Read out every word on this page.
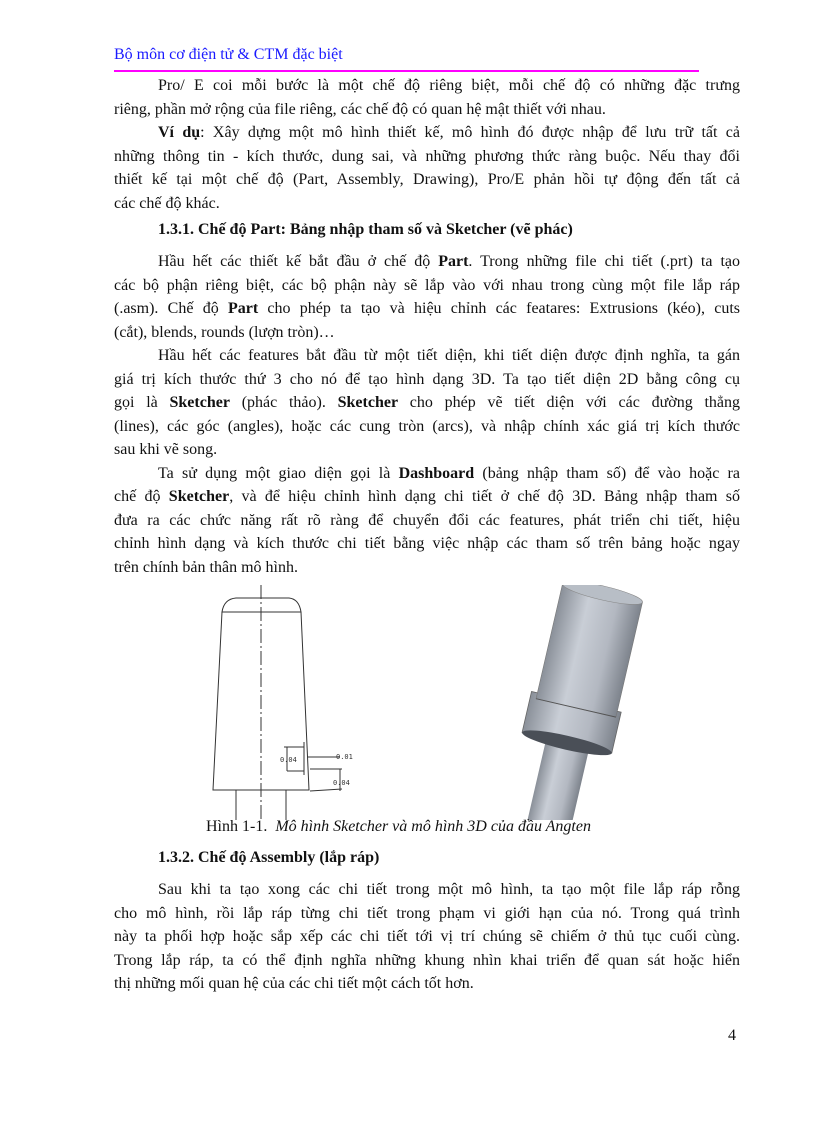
Bộ môn cơ điện tử & CTM đặc biệt
Pro/ E coi mỗi bước là một chế độ riêng biệt, mỗi chế độ có những đặc trưng
riêng, phần mở rộng của file riêng, các chế độ có quan hệ mật thiết với nhau.
Ví dụ: Xây dựng một mô hình thiết kế, mô hình đó được nhập để lưu trữ tất cả
những thông tin - kích thước, dung sai, và những phương thức ràng buộc. Nếu thay đổi
thiết kế tại một chế độ (Part, Assembly, Drawing), Pro/E phản hồi tự động đến tất cả
các chế độ khác.
1.3.1. Chế độ Part: Bảng nhập tham số và Sketcher (vẽ phác)
Hầu hết các thiết kế bắt đầu ở chế độ Part. Trong những file chi tiết (.prt) ta tạo
các bộ phận riêng biệt, các bộ phận này sẽ lắp vào với nhau trong cùng một file lắp ráp
(.asm). Chế độ Part cho phép ta tạo và hiệu chỉnh các featares: Extrusions (kéo), cuts
(cắt), blends, rounds (lượn tròn)…
Hầu hết các features bắt đầu từ một tiết diện, khi tiết diện được định nghĩa, ta gán
giá trị kích thước thứ 3 cho nó để tạo hình dạng 3D. Ta tạo tiết diện 2D bằng công cụ
gọi là Sketcher (phác thảo). Sketcher cho phép vẽ tiết diện với các đường thẳng
(lines), các góc (angles), hoặc các cung tròn (arcs), và nhập chính xác giá trị kích thước
sau khi vẽ song.
Ta sử dụng một giao diện gọi là Dashboard (bảng nhập tham số) để vào hoặc ra
chế độ Sketcher, và để hiệu chỉnh hình dạng chi tiết ở chế độ 3D. Bảng nhập tham số
đưa ra các chức năng rất rõ ràng để chuyển đổi các features, phát triển chi tiết, hiệu
chỉnh hình dạng và kích thước chi tiết bằng việc nhập các tham số trên bảng hoặc ngay
trên chính bản thân mô hình.
0.04	0.01
0.04
Hình 1-1. Mô hình Sketcher và mô hình 3D của đầu Angten
1.3.2. Chế độ Assembly (lắp ráp)
Sau khi ta tạo xong các chi tiết trong một mô hình, ta tạo một file lắp ráp rỗng
cho mô hình, rồi lắp ráp từng chi tiết trong phạm vi giới hạn của nó. Trong quá trình
này ta phối hợp hoặc sắp xếp các chi tiết tới vị trí chúng sẽ chiếm ở thủ tục cuối cùng.
Trong lắp ráp, ta có thể định nghĩa những khung nhìn khai triển để quan sát hoặc hiển
thị những mối quan hệ của các chi tiết một cách tốt hơn.
4
